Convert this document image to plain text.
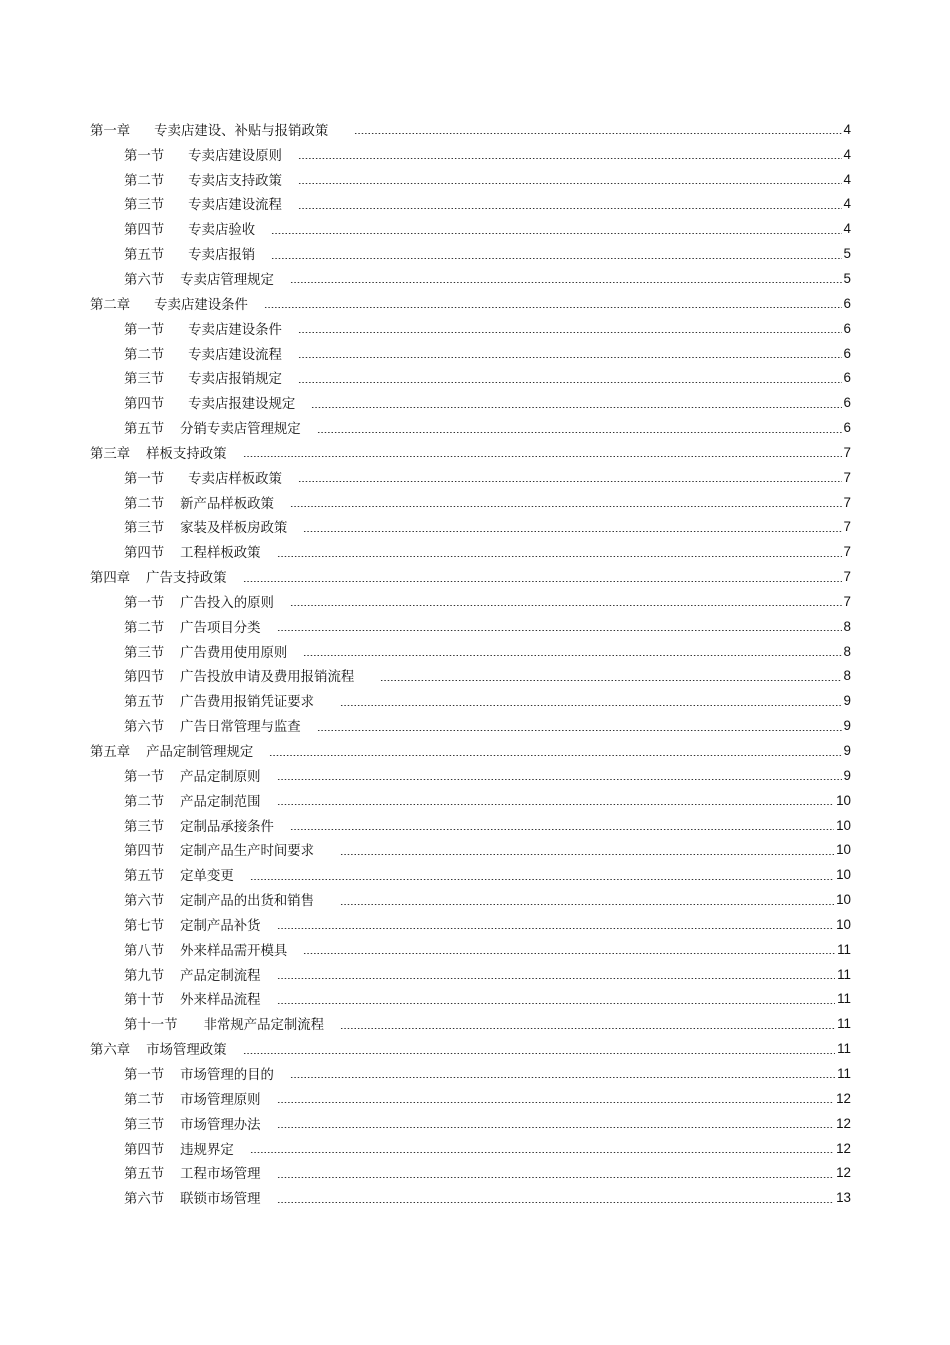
第一章 专卖店建设、补贴与报销政策	4
第一节 专卖店建设原则	4
第二节 专卖店支持政策	4
第三节 专卖店建设流程	4
第四节 专卖店验收	4
第五节 专卖店报销	5
第六节 专卖店管理规定	5
第二章 专卖店建设条件	6
第一节 专卖店建设条件	6
第二节 专卖店建设流程	6
第三节 专卖店报销规定	6
第四节 专卖店报建设规定	6
第五节 分销专卖店管理规定	6
第三章 样板支持政策	7
第一节 专卖店样板政策	7
第二节 新产品样板政策	7
第三节 家装及样板房政策	7
第四节 工程样板政策	7
第四章 广告支持政策	7
第一节 广告投入的原则	7
第二节 广告项目分类	8
第三节 广告费用使用原则	8
第四节 广告投放申请及费用报销流程	8
第五节 广告费用报销凭证要求	9
第六节 广告日常管理与监查	9
第五章 产品定制管理规定	9
第一节 产品定制原则	9
第二节 产品定制范围	10
第三节 定制品承接条件	10
第四节 定制产品生产时间要求	10
第五节 定单变更	10
第六节 定制产品的出货和销售	10
第七节 定制产品补货	10
第八节 外来样品需开模具	11
第九节 产品定制流程	11
第十节 外来样品流程	11
第十一节 非常规产品定制流程	11
第六章 市场管理政策	11
第一节 市场管理的目的	11
第二节 市场管理原则	12
第三节 市场管理办法	12
第四节 违规界定	12
第五节 工程市场管理	12
第六节 联锁市场管理	13
